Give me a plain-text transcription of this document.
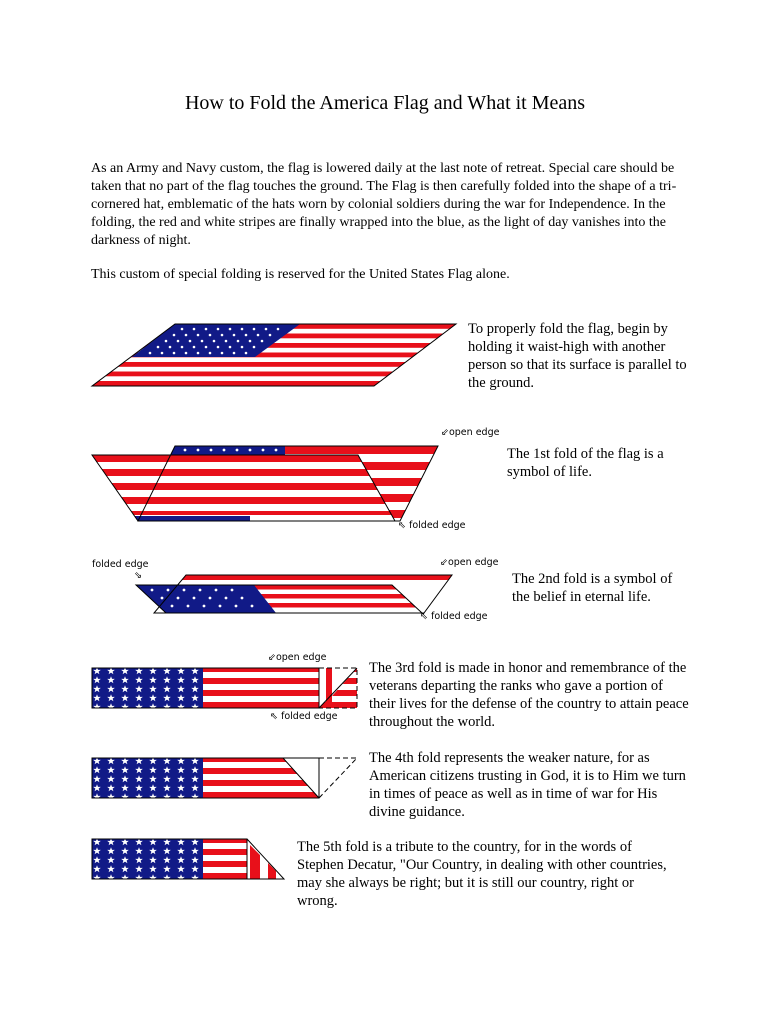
How to Fold the America Flag and What it Means
As an Army and Navy custom, the flag is lowered daily at the last note of retreat. Special care should be taken that no part of the flag touches the ground. The Flag is then carefully folded into the shape of a tri-cornered hat, emblematic of the hats worn by colonial soldiers during the war for Independence. In the folding, the red and white stripes are finally wrapped into the blue, as the light of day vanishes into the darkness of night.
This custom of special folding is reserved for the United States Flag alone.
To properly fold the flag, begin by holding it waist-high with another person so that its surface is parallel to the ground.
⇙open edge
⇖ folded edge
The 1st fold of the flag is a symbol of life.
folded edge
⇘
⇙open edge
⇖ folded edge
The 2nd fold is a symbol of the belief in eternal life.
⇙open edge
⇖ folded edge
The 3rd fold is made in honor and remembrance of the veterans departing the ranks who gave a portion of their lives for the defense of the country to attain peace throughout the world.
The 4th fold represents the weaker nature, for as American citizens trusting in God, it is to Him we turn in times of peace as well as in time of war for His divine guidance.
The 5th fold is a tribute to the country, for in the words of Stephen Decatur, "Our Country, in dealing with other countries, may she always be right; but it is still our country, right or wrong.
